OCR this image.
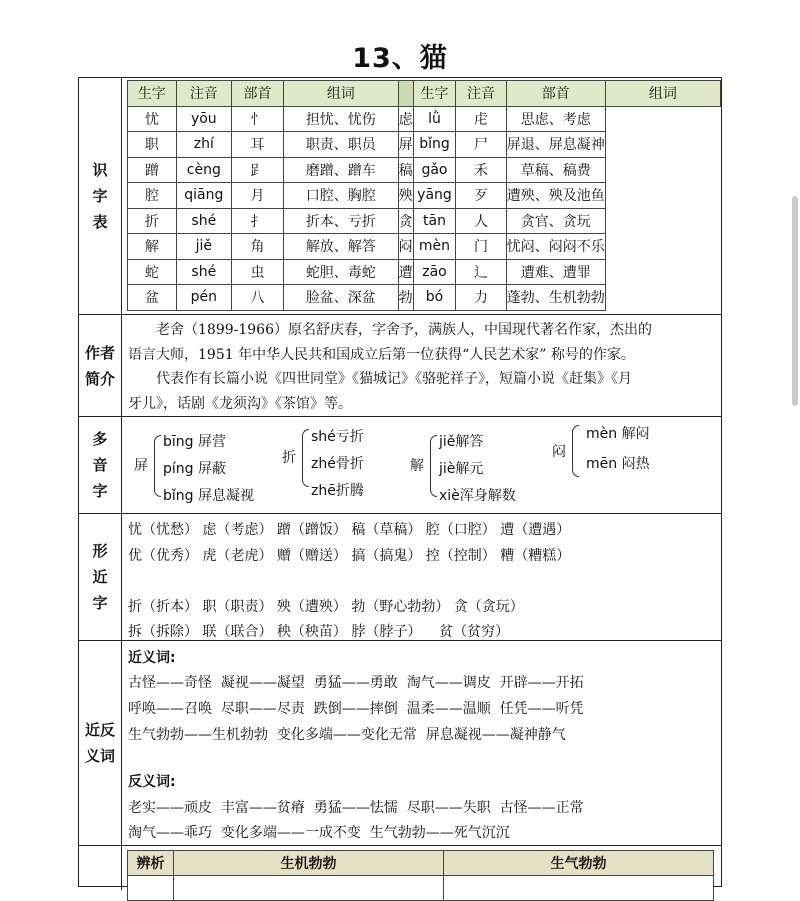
13、猫
识
字
表
生字	注音	部首	组词		生字	注音	部首	组词
忧	yōu	忄	担忧、忧伤	虑	lǜ	虍	思虑、考虑	
职	zhí	耳	职责、职员	屏	bǐng	尸	屏退、屏息凝神	
蹭	cèng	𧾷	磨蹭、蹭车	稿	gǎo	禾	草稿、稿费	
腔	qiāng	月	口腔、胸腔	殃	yāng	歹	遭殃、殃及池鱼	
折	shé	扌	折本、亏折	贪	tān	人	贪官、贪玩	
解	jiě	角	解放、解答	闷	mèn	门	忧闷、闷闷不乐	
蛇	shé	虫	蛇胆、毒蛇	遭	zāo	辶	遭难、遭罪	
盆	pén	八	脸盆、深盆	勃	bó	力	蓬勃、生机勃勃	
作者
简介

老舍（1899-1966）原名舒庆春，字舍予，满族人，中国现代著名作家，杰出的

语言大师，1951 年中华人民共和国成立后第一位获得“人民艺术家” 称号的作家。

代表作有长篇小说《四世同堂》《猫城记》《骆驼祥子》，短篇小说《赶集》《月

牙儿》，话剧《龙须沟》《茶馆》等。

多
音
字
屏
bīng 屏营
píng 屏蔽
bǐng 屏息凝视
折
shé亏折
zhé骨折
zhē折腾
解
jiě解答
jiè解元
xiè浑身解数
闷
mèn 解闷
mēn 闷热
形
近
字
忧（忧愁） 虑（考虑） 蹭（蹭饭） 稿（草稿） 腔（口腔） 遭（遭遇）
优（优秀） 虎（老虎） 赠（赠送） 搞（搞鬼） 控（控制） 糟（糟糕）
折（折本） 职（职责） 殃（遭殃） 勃（野心勃勃） 贪（贪玩）
拆（拆除） 联（联合） 秧（秧苗） 脖（脖子）    贫（贫穷）
近反
义词
近义词:
古怪——奇怪  凝视——凝望  勇猛——勇敢  淘气——调皮  开辟——开拓
呼唤——召唤  尽职——尽责  跌倒——摔倒  温柔——温顺  任凭——听凭
生气勃勃——生机勃勃  变化多端——变化无常  屏息凝视——凝神静气
反义词:
老实——顽皮  丰富——贫瘠  勇猛——怯懦  尽职——失职  古怪——正常
淘气——乖巧  变化多端——一成不变  生气勃勃——死气沉沉
辨析	生机勃勃	生气勃勃
